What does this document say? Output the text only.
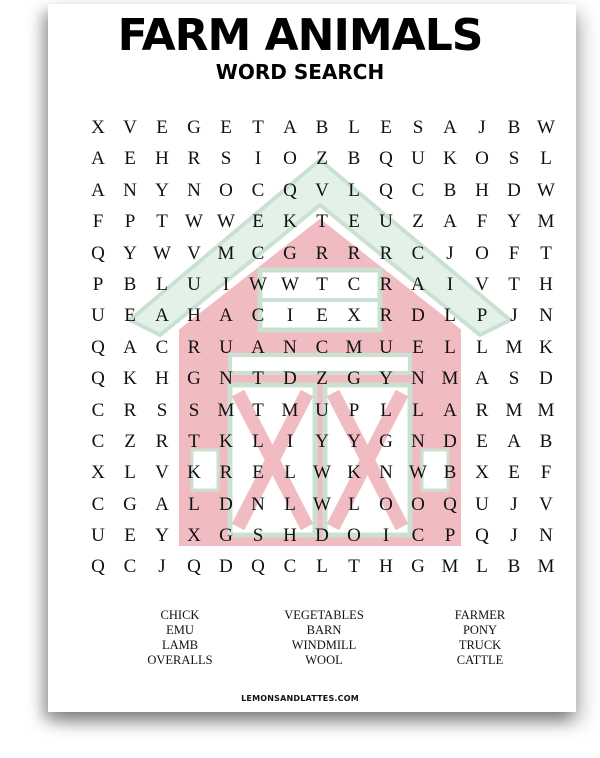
FARM ANIMALS
WORD SEARCH
X V	E	G	E	T	A B	L	E	S	A	J	B W
A	E	H R	S	I	O	Z	B Q U K O	S	L
A N Y N O C Q V	L	Q C	B H D W
F	P	T W W E	K	T	E	U	Z	A	F	Y M
Q Y W V M C G R	R	R	C	J	O	F	T
P	B	L	U	I	W W T	C	R A	I	V	T	H
U	E	A H A C	I	E	X R D	L	P	J	N
Q A C	R U A N C M U	E	L	L M K
Q K H G N	T	D	Z	G Y N M A	S	D
C	R	S	S M T M U	P	L	L	A R M M
C	Z	R	T	K	L	I	Y Y G N D	E	A B
X	L	V K R	E	L W K N W B X	E	F
C G A	L	D N	L W L	O O Q U	J	V
U	E	Y X G	S	H D O	I	C	P	Q	J	N
Q C	J	Q D Q C	L	T	H G M L	B M
CHICK
EMU
LAMB
OVERALLS
VEGETABLES
BARN
WINDMILL
WOOL
FARMER
PONY
TRUCK
CATTLE
LEMONSANDLATTES.COM
